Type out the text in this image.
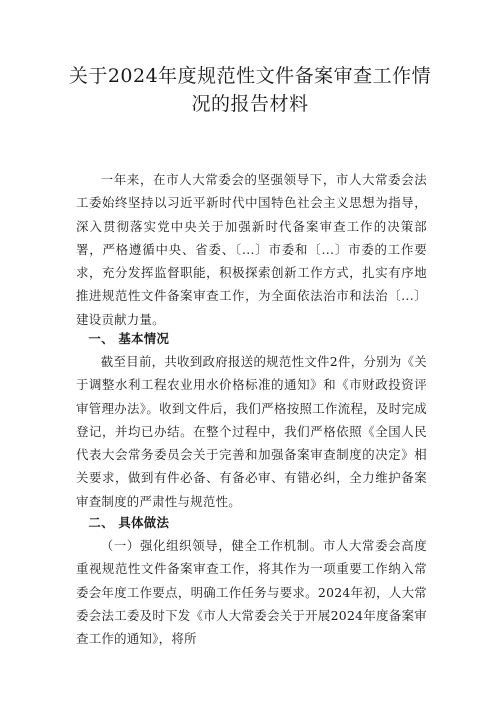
关于2024年度规范性文件备案审查工作情况的报告材料

一年来，在市人大常委会的坚强领导下，市人大常委会法工委始终坚持以习近平新时代中国特色社会主义思想为指导，深入贯彻落实党中央关于加强新时代备案审查工作的决策部署，严格遵循中央、省委、〔...〕市委和〔...〕市委的工作要求，充分发挥监督职能，积极探索创新工作方式，扎实有序地推进规范性文件备案审查工作，为全面依法治市和法治〔...〕建设贡献力量。

一、 基本情况

截至目前，共收到政府报送的规范性文件2件，分别为《关于调整水利工程农业用水价格标准的通知》和《市财政投资评审管理办法》。收到文件后，我们严格按照工作流程，及时完成登记，并均已办结。在整个过程中，我们严格依照《全国人民代表大会常务委员会关于完善和加强备案审查制度的决定》相关要求，做到有件必备、有备必审、有错必纠，全力维护备案审查制度的严肃性与规范性。

二、 具体做法

（一）强化组织领导，健全工作机制。市人大常委会高度重视规范性文件备案审查工作，将其作为一项重要工作纳入常委会年度工作要点，明确工作任务与要求。2024年初，人大常委会法工委及时下发《市人大常委会关于开展2024年度备案审查工作的通知》，将所
